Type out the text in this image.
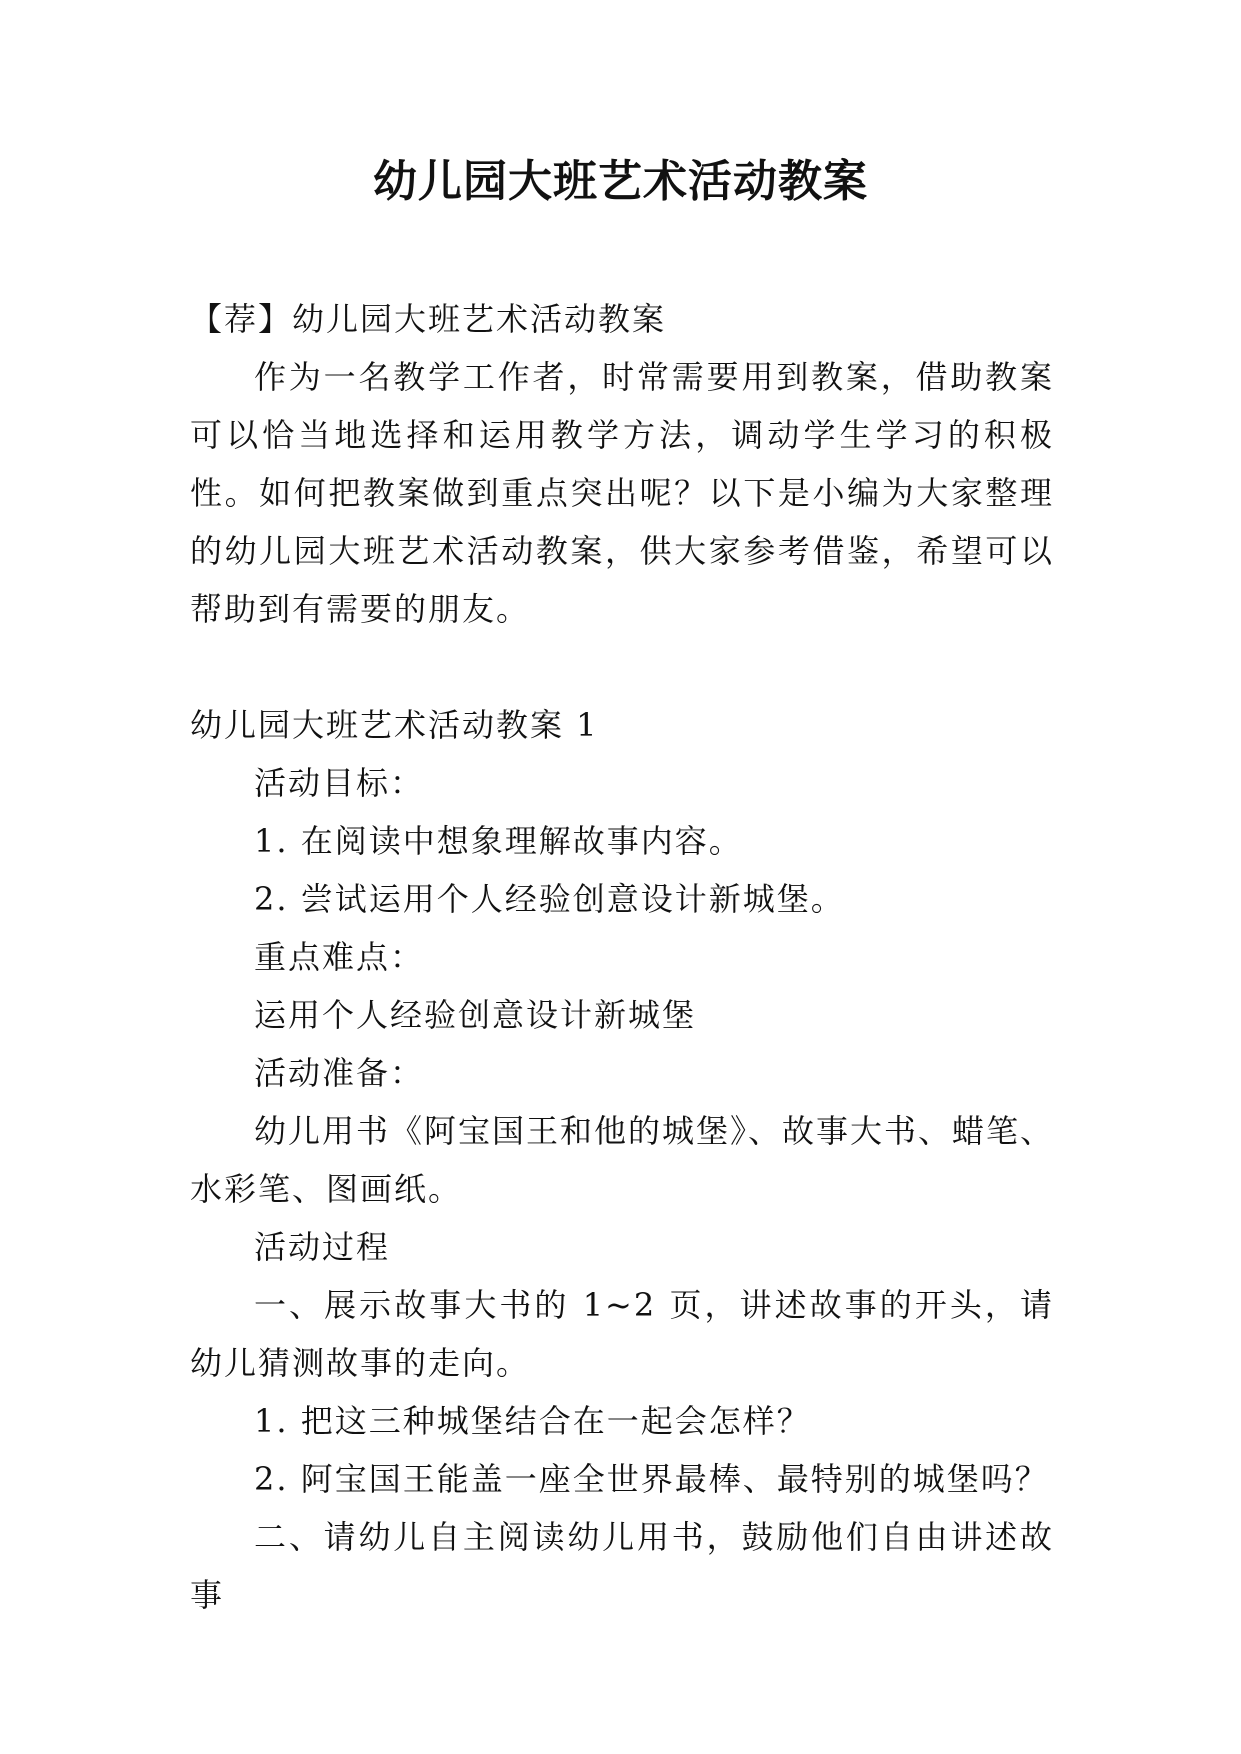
幼儿园大班艺术活动教案

【荐】幼儿园大班艺术活动教案

作为一名教学工作者，时常需要用到教案，借助教案可以恰当地选择和运用教学方法，调动学生学习的积极性。如何把教案做到重点突出呢？以下是小编为大家整理的幼儿园大班艺术活动教案，供大家参考借鉴，希望可以帮助到有需要的朋友。

幼儿园大班艺术活动教案 1

活动目标：

1. 在阅读中想象理解故事内容。

2. 尝试运用个人经验创意设计新城堡。

重点难点：

运用个人经验创意设计新城堡

活动准备：

幼儿用书《阿宝国王和他的城堡》、故事大书、蜡笔、水彩笔、图画纸。

活动过程

一、展示故事大书的 1~2 页，讲述故事的开头，请幼儿猜测故事的走向。

1. 把这三种城堡结合在一起会怎样？

2. 阿宝国王能盖一座全世界最棒、最特别的城堡吗？

二、请幼儿自主阅读幼儿用书，鼓励他们自由讲述故事
